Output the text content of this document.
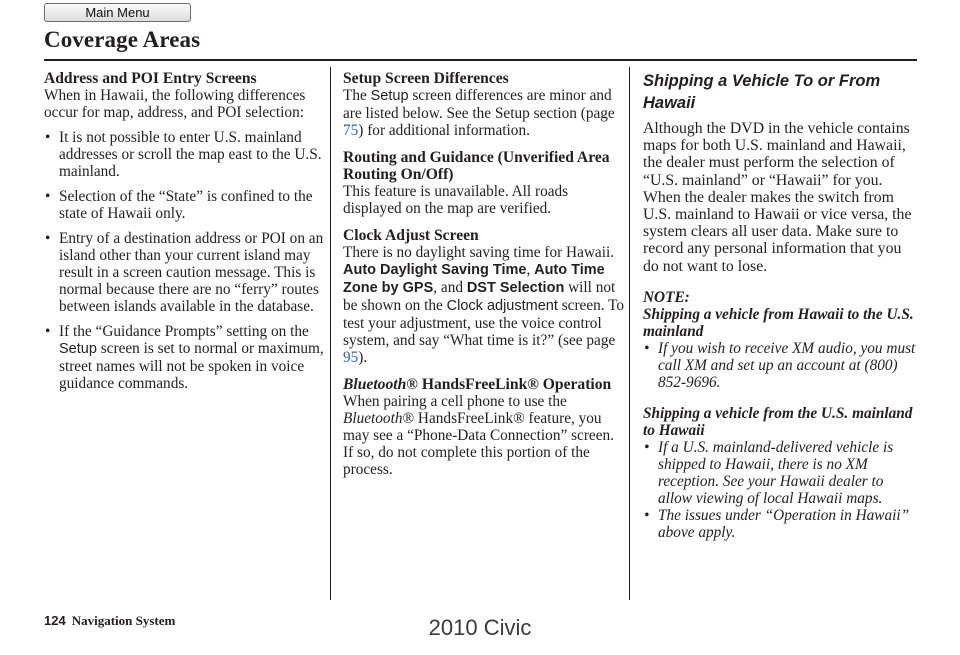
Main Menu
Coverage Areas
Address and POI Entry Screens

When in Hawaii, the following differences occur for map, address, and POI selection:

• It is not possible to enter U.S. mainland addresses or scroll the map east to the U.S. mainland.
• Selection of the “State” is confined to the state of Hawaii only.
• Entry of a destination address or POI on an island other than your current island may result in a screen caution message. This is normal because there are no “ferry” routes between islands available in the database.
• If the “Guidance Prompts” setting on the Setup screen is set to normal or maximum, street names will not be spoken in voice guidance commands.
Setup Screen Differences

The Setup screen differences are minor and are listed below. See the Setup section (page 75) for additional information.

Routing and Guidance (Unverified Area Routing On/Off)

This feature is unavailable. All roads displayed on the map are verified.

Clock Adjust Screen

There is no daylight saving time for Hawaii. Auto Daylight Saving Time, Auto Time Zone by GPS, and DST Selection will not be shown on the Clock adjustment screen. To test your adjustment, use the voice control system, and say “What time is it?” (see page 95).

Bluetooth® HandsFreeLink® Operation

When pairing a cell phone to use the Bluetooth® HandsFreeLink® feature, you may see a “Phone-Data Connection” screen. If so, do not complete this portion of the process.

Shipping a Vehicle To or From Hawaii

Although the DVD in the vehicle contains maps for both U.S. mainland and Hawaii, the dealer must perform the selection of “U.S. mainland” or “Hawaii” for you. When the dealer makes the switch from U.S. mainland to Hawaii or vice versa, the system clears all user data. Make sure to record any personal information that you do not want to lose.

NOTE:

Shipping a vehicle from Hawaii to the U.S. mainland

• If you wish to receive XM audio, you must call XM and set up an account at (800) 852-9696.

Shipping a vehicle from the U.S. mainland to Hawaii

• If a U.S. mainland-delivered vehicle is shipped to Hawaii, there is no XM reception. See your Hawaii dealer to allow viewing of local Hawaii maps.
• The issues under “Operation in Hawaii” above apply.
124 Navigation System	2010 Civic
